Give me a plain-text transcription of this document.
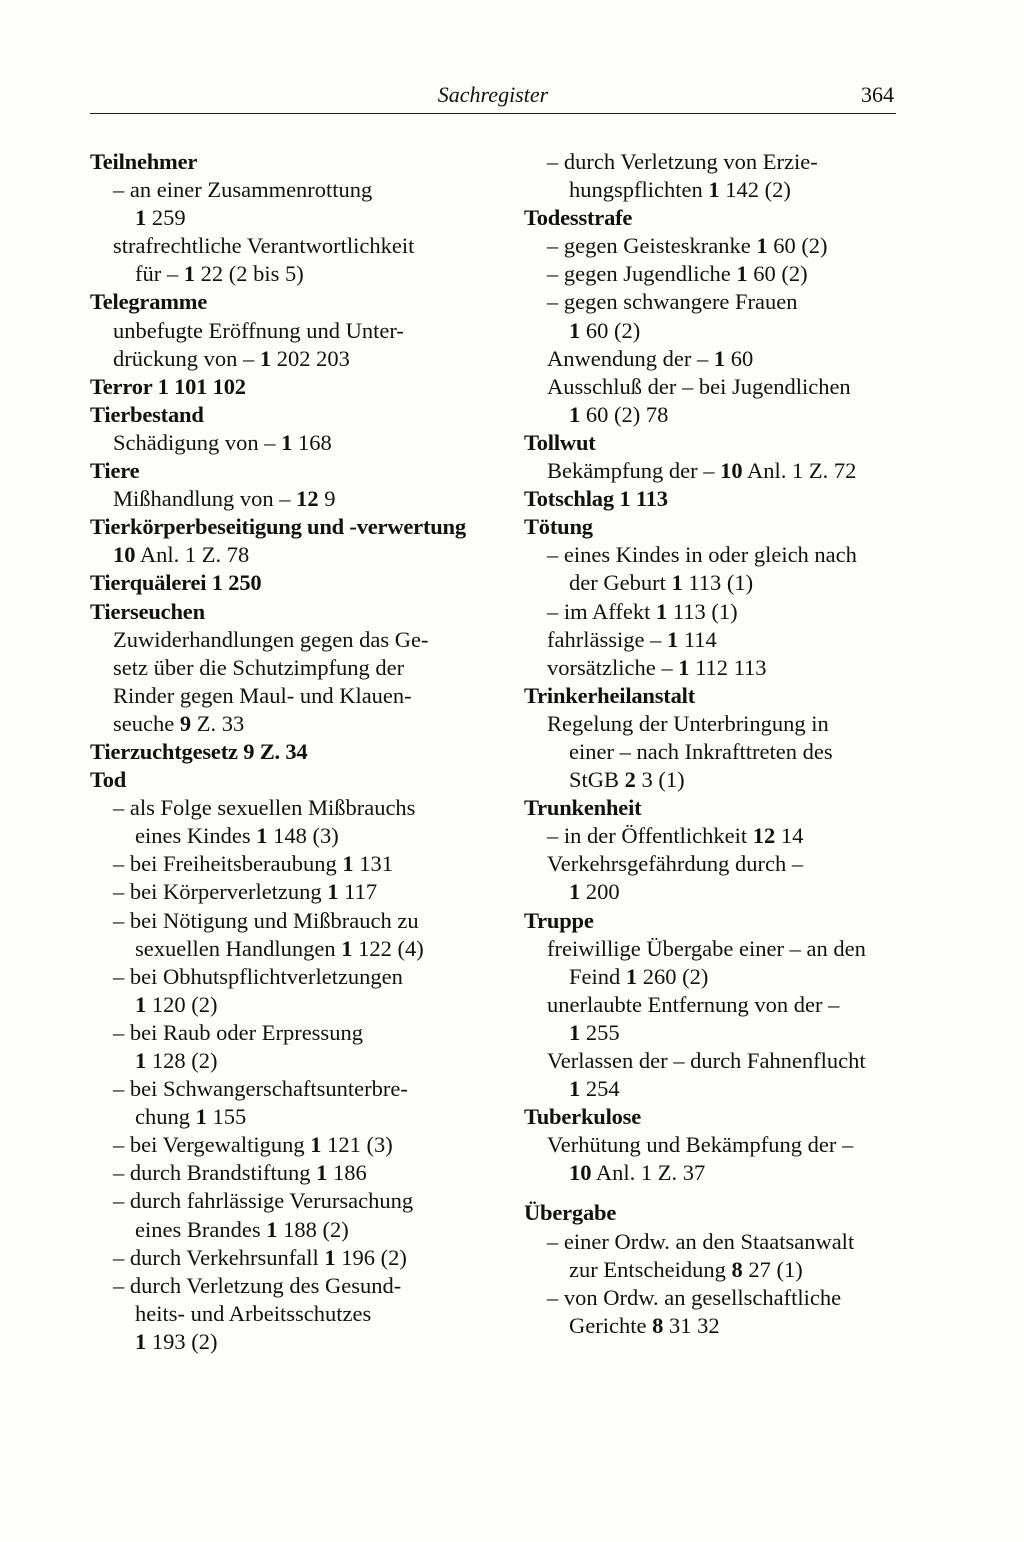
Sachregister	364
Teilnehmer
– an einer Zusammenrottung
1 259
strafrechtliche Verantwortlichkeit
für – 1 22 (2 bis 5)
Telegramme
unbefugte Eröffnung und Unter-
drückung von – 1 202 203
Terror 1 101 102
Tierbestand
Schädigung von – 1 168
Tiere
Mißhandlung von – 12 9
Tierkörperbeseitigung und -verwertung
10 Anl. 1 Z. 78
Tierquälerei 1 250
Tierseuchen
Zuwiderhandlungen gegen das Ge-
setz über die Schutzimpfung der
Rinder gegen Maul- und Klauen-
seuche 9 Z. 33
Tierzuchtgesetz 9 Z. 34
Tod
– als Folge sexuellen Mißbrauchs
eines Kindes 1 148 (3)
– bei Freiheitsberaubung 1 131
– bei Körperverletzung 1 117
– bei Nötigung und Mißbrauch zu
sexuellen Handlungen 1 122 (4)
– bei Obhutspflichtverletzungen
1 120 (2)
– bei Raub oder Erpressung
1 128 (2)
– bei Schwangerschaftsunterbre-
chung 1 155
– bei Vergewaltigung 1 121 (3)
– durch Brandstiftung 1 186
– durch fahrlässige Verursachung
eines Brandes 1 188 (2)
– durch Verkehrsunfall 1 196 (2)
– durch Verletzung des Gesund-
heits- und Arbeitsschutzes
1 193 (2)
– durch Verletzung von Erzie-
hungspflichten 1 142 (2)
Todesstrafe
– gegen Geisteskranke 1 60 (2)
– gegen Jugendliche 1 60 (2)
– gegen schwangere Frauen
1 60 (2)
Anwendung der – 1 60
Ausschluß der – bei Jugendlichen
1 60 (2) 78
Tollwut
Bekämpfung der – 10 Anl. 1 Z. 72
Totschlag 1 113
Tötung
– eines Kindes in oder gleich nach
der Geburt 1 113 (1)
– im Affekt 1 113 (1)
fahrlässige – 1 114
vorsätzliche – 1 112 113
Trinkerheilanstalt
Regelung der Unterbringung in
einer – nach Inkrafttreten des
StGB 2 3 (1)
Trunkenheit
– in der Öffentlichkeit 12 14
Verkehrsgefährdung durch –
1 200
Truppe
freiwillige Übergabe einer – an den
Feind 1 260 (2)
unerlaubte Entfernung von der –
1 255
Verlassen der – durch Fahnenflucht
1 254
Tuberkulose
Verhütung und Bekämpfung der –
10 Anl. 1 Z. 37
Übergabe
– einer Ordw. an den Staatsanwalt
zur Entscheidung 8 27 (1)
– von Ordw. an gesellschaftliche
Gerichte 8 31 32
